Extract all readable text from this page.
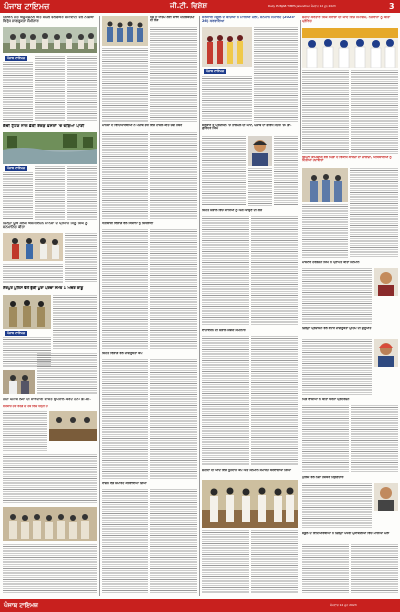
ਪੰਜਾਬ ਟਾਇਮਜ਼	ਜੀ.ਟੀ. ਵਿਸ਼ੇਸ਼	Daily PUNJAB TIMES Jalandhar ਸੋਮਵਾਰ 12 ਜੂਨ 2023	3
ਗਿਆਨ ਜੋਤ ਐਜੂਕੇਸ਼ਨਲ ਅਤੇ ਸੋਸ਼ਲ ਵੈੱਲਫੇਅਰ ਸੋਸਾਇਟੀ ਵੱਲੋਂ ਨਸ਼ਿਆਂ ਵਿਰੁੱਧ ਜਾਗਰੂਕਤਾ ਸੈਮੀਨਾਰ
ਪੰਜਾਬ ਟਾਇਮਜ਼
ਕੱਚੀ ਟੁੱਟਣ ਨਾਲ ਛੱਤੀ ਏਕੜ ਫ਼ਸਲਾਂ 'ਚ ਵੜਿਆ ਪਾਣੀ
ਪੰਜਾਬ ਟਾਇਮਜ਼
ਜ਼ਿਲ੍ਹਾ ਯੂਥ ਕਲੱਬ ਐਸੋਸੀਏਸ਼ਨ ਮਾਨਸਾ ਦੇ ਪ੍ਰਧਾਨ ਮਿੱਠੂ ਸਿੰਘ ਨੂੰ ਸਨਮਾਨਿਤ ਕੀਤਾ
ਸ਼ੇਰਪੁਰ ਪੁਲਿਸ ਵੱਲੋਂ ਭੁੱਕੀ ਪੂਰਾ ਪਰਚਾ ਸਮੇਤ 1 ਅੰਦਰ ਕਾਬੂ
ਪੰਜਾਬ ਟਾਇਮਜ਼
ਨਸ਼ਾ ਪੰਜਾਬ ਲੋਕਾਂ ਦੀ ਸਾਝੇਦਾਰੀ ਵਾਸਤੇ ਉਪਰਾਲੇ ਕਰਦੇ ਹਨ: ਡੀ.ਸੀ.
ਸਰਕਾਰ ਹਰ ਵਰਗ ਦੇ ਹੱਕ ਵਿੱਚ ਖੜ੍ਹੀ ਹੈ
ਨਸ਼ੇ ਦੇ ਖਾਤਮੇ ਲਈ ਸਾਂਝੀ ਪਹਿਲਕਦਮੀ ਦੀ ਲੋੜ
ਮਾਨਸਾ ਦੇ ਵਿਦਿਆਰਥੀਆਂ ਨੇ ਪੰਜਾਬ ਭਰ ਵਿੱਚੋਂ ਹਾਸਲ ਕੀਤੇ ਚੰਗੇ ਨੰਬਰ
ਖੇਤੀਬਾੜੀ ਵਿਭਾਗ ਵੱਲੋਂ ਕਿਸਾਨਾਂ ਨੂੰ ਸਿਖਲਾਈ
ਸਿਹਤ ਵਿਭਾਗ ਵੱਲੋਂ ਜਾਗਰੂਕਤਾ ਕੈਂਪ
ਰਾਸ਼ਨ ਵੰਡ ਸਮਾਰੋਹ ਕਰਵਾਇਆ ਗਿਆ
ਸਰਕਾਰੀ ਸਕੂਲ ਦੇ ਬੱਚਿਆਂ ਨੇ ਮਾਰੀਆਂ ਮੱਲਾਂ, ਸਨਮਾਨ ਸਮਾਰੋਹ (2025-26) ਕਰਵਾਇਆ
ਪੰਜਾਬ ਟਾਇਮਜ਼
ਸਰਕਾਰ ਤੇ ਪ੍ਰਸ਼ਾਸਨ 'ਚ ਤਾਲਮੇਲ ਦੀ ਘਾਟ, ਪੰਜਾਬ ਦਾ ਭਵਿੱਖ ਖ਼ਤਰੇ 'ਚ: ਡਾ. ਗੁਰਿੰਦਰ ਸਿੰਘ
ਸਿਹਤ ਸੰਭਾਲ ਵਿੱਚ ਸਾਰਿਆਂ ਨੂੰ ਅੱਗੇ ਆਉਣ ਦੀ ਲੋੜ
ਵਾਤਾਵਰਨ ਦੀ ਸੰਭਾਲ ਸਬੰਧੀ ਸੈਮੀਨਾਰ
ਸ਼ਹੀਦਾਂ ਦੀ ਯਾਦ ਵਿੱਚ ਖੂਨਦਾਨ ਕੈਂਪ ਅਤੇ ਸਨਮਾਨ ਸਮਾਰੋਹ ਕਰਵਾਇਆ ਗਿਆ
ਸ਼ਹੀਦ ਕਰਤਾਰ ਸਿੰਘ ਸਰਾਭਾ ਦੀ ਯਾਦ ਵਿੱਚ ਸਮਾਗਮ, ਨੌਜਵਾਨਾਂ ਨੂੰ ਕੀਤਾ ਪ੍ਰੇਰਿਤ
ਡਿਪਟੀ ਕਮਿਸ਼ਨਰ ਵੱਲੋਂ ਪਿੰਡਾਂ ਦੇ ਵਿਕਾਸ ਕਾਰਜਾਂ ਦਾ ਜਾਇਜ਼ਾ, ਅਧਿਕਾਰੀਆਂ ਨੂੰ ਦਿੱਤੀਆਂ ਹਦਾਇਤਾਂ
ਮਾਸਟਰ ਹਰਭਜਨ ਸਿੰਘ ਨੇ ਪ੍ਰਾਪਤ ਕੀਤਾ ਸਨਮਾਨ
ਜ਼ਿਲ੍ਹਾ ਪ੍ਰਸ਼ਾਸਨ ਵੱਲੋਂ ਵੋਟਰ ਜਾਗਰੂਕਤਾ ਮੁਹਿੰਮ ਦੀ ਸ਼ੁਰੂਆਤ
ਪਿੰਡ ਵਾਸੀਆਂ ਨੇ ਕੀਤਾ ਧਰਨਾ ਪ੍ਰਦਰਸ਼ਨ
ਪੁਲਿਸ ਵੱਲੋਂ ਨਸ਼ਾ ਤਸਕਰ ਗ੍ਰਿਫ਼ਤਾਰ
ਸਕੂਲ ਦੇ ਵਿਦਿਆਰਥੀਆਂ ਨੇ ਜ਼ਿਲ੍ਹਾ ਪੱਧਰੀ ਮੁਕਾਬਲਿਆਂ ਵਿੱਚ ਮਾਰੀਆਂ ਮੱਲਾਂ
ਪੰਜਾਬ ਟਾਇਮਜ਼	ਸੋਮਵਾਰ 12 ਜੂਨ 2023
